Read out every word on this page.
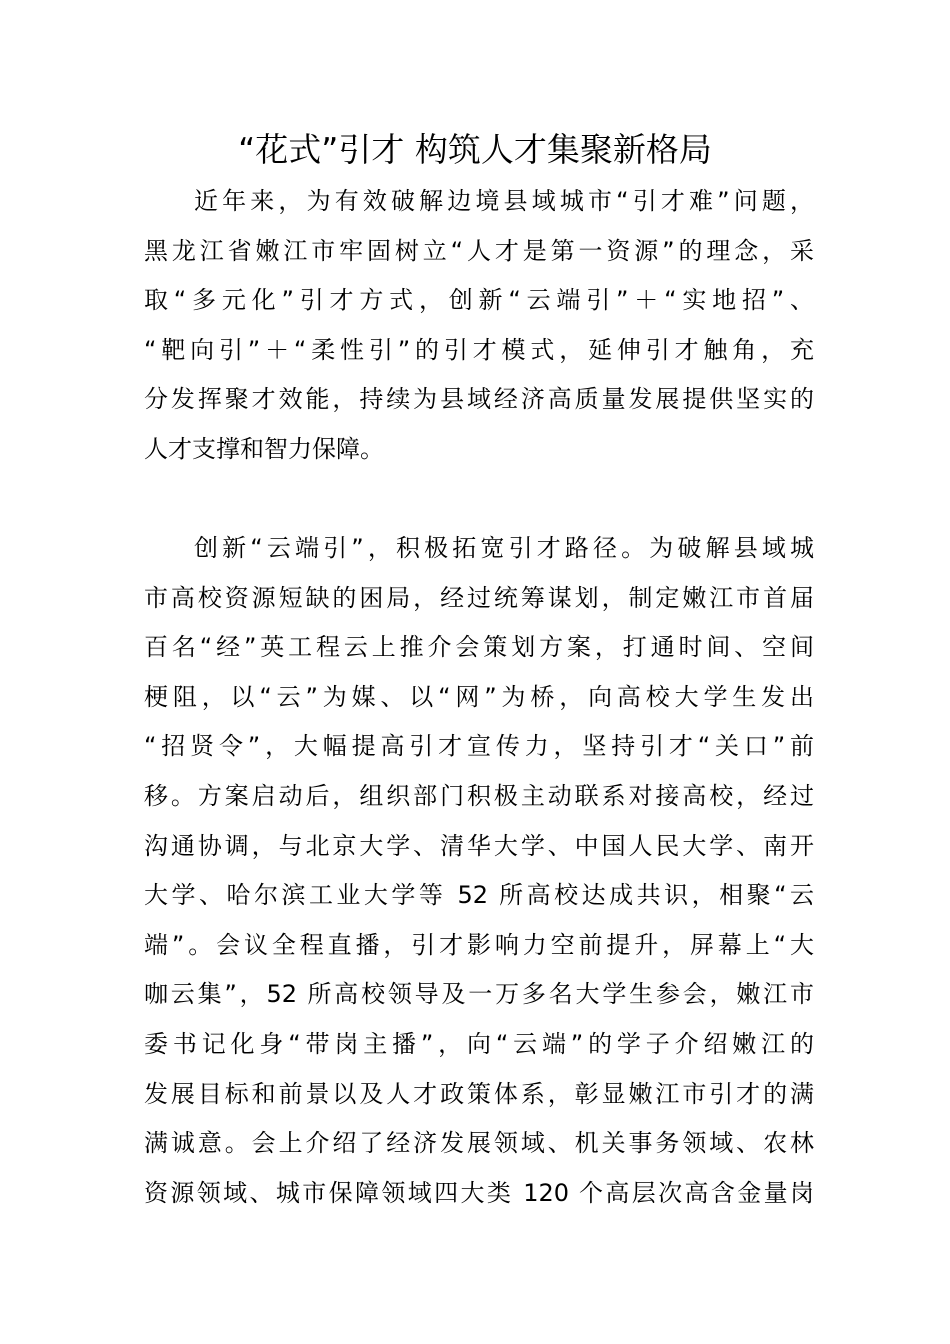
“花式”引才 构筑人才集聚新格局
近年来，为有效破解边境县域城市“引才难”问题，
黑龙江省嫩江市牢固树立“人才是第一资源”的理念，采
取“多元化”引才方式，创新“云端引”＋“实地招”、
“靶向引”＋“柔性引”的引才模式，延伸引才触角，充
分发挥聚才效能，持续为县域经济高质量发展提供坚实的
人才支撑和智力保障。
创新“云端引”，积极拓宽引才路径。为破解县域城
市高校资源短缺的困局，经过统筹谋划，制定嫩江市首届
百名“经”英工程云上推介会策划方案，打通时间、空间
梗阻，以“云”为媒、以“网”为桥，向高校大学生发出
“招贤令”，大幅提高引才宣传力，坚持引才“关口”前
移。方案启动后，组织部门积极主动联系对接高校，经过
沟通协调，与北京大学、清华大学、中国人民大学、南开
大学、哈尔滨工业大学等 52 所高校达成共识，相聚“云
端”。会议全程直播，引才影响力空前提升，屏幕上“大
咖云集”，52 所高校领导及一万多名大学生参会，嫩江市
委书记化身“带岗主播”，向“云端”的学子介绍嫩江的
发展目标和前景以及人才政策体系，彰显嫩江市引才的满
满诚意。会上介绍了经济发展领域、机关事务领域、农林
资源领域、城市保障领域四大类 120 个高层次高含金量岗
